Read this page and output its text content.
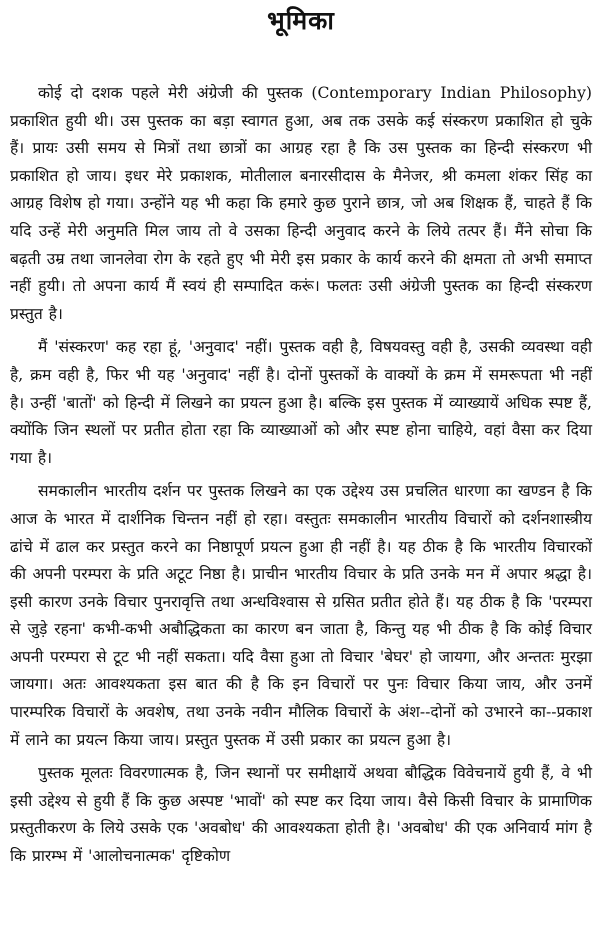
भूमिका

कोई दो दशक पहले मेरी अंग्रेजी की पुस्तक (Contemporary Indian Philosophy) प्रकाशित हुयी थी। उस पुस्तक का बड़ा स्वागत हुआ, अब तक उसके कई संस्करण प्रकाशित हो चुके हैं। प्रायः उसी समय से मित्रों तथा छात्रों का आग्रह रहा है कि उस पुस्तक का हिन्दी संस्करण भी प्रकाशित हो जाय। इधर मेरे प्रकाशक, मोतीलाल बनारसीदास के मैनेजर, श्री कमला शंकर सिंह का आग्रह विशेष हो गया। उन्होंने यह भी कहा कि हमारे कुछ पुराने छात्र, जो अब शिक्षक हैं, चाहते हैं कि यदि उन्हें मेरी अनुमति मिल जाय तो वे उसका हिन्दी अनुवाद करने के लिये तत्पर हैं। मैंने सोचा कि बढ़ती उम्र तथा जानलेवा रोग के रहते हुए भी मेरी इस प्रकार के कार्य करने की क्षमता तो अभी समाप्त नहीं हुयी। तो अपना कार्य मैं स्वयं ही सम्पादित करूं। फलतः उसी अंग्रेजी पुस्तक का हिन्दी संस्करण प्रस्तुत है।

मैं 'संस्करण' कह रहा हूं, 'अनुवाद' नहीं। पुस्तक वही है, विषयवस्तु वही है, उसकी व्यवस्था वही है, क्रम वही है, फिर भी यह 'अनुवाद' नहीं है। दोनों पुस्तकों के वाक्यों के क्रम में समरूपता भी नहीं है। उन्हीं 'बातों' को हिन्दी में लिखने का प्रयत्न हुआ है। बल्कि इस पुस्तक में व्याख्यायें अधिक स्पष्ट हैं, क्योंकि जिन स्थलों पर प्रतीत होता रहा कि व्याख्याओं को और स्पष्ट होना चाहिये, वहां वैसा कर दिया गया है।

समकालीन भारतीय दर्शन पर पुस्तक लिखने का एक उद्देश्य उस प्रचलित धारणा का खण्डन है कि आज के भारत में दार्शनिक चिन्तन नहीं हो रहा। वस्तुतः समकालीन भारतीय विचारों को दर्शनशास्त्रीय ढांचे में ढाल कर प्रस्तुत करने का निष्ठापूर्ण प्रयत्न हुआ ही नहीं है। यह ठीक है कि भारतीय विचारकों की अपनी परम्परा के प्रति अटूट निष्ठा है। प्राचीन भारतीय विचार के प्रति उनके मन में अपार श्रद्धा है। इसी कारण उनके विचार पुनरावृत्ति तथा अन्धविश्वास से ग्रसित प्रतीत होते हैं। यह ठीक है कि 'परम्परा से जुड़े रहना' कभी-कभी अबौद्धिकता का कारण बन जाता है, किन्तु यह भी ठीक है कि कोई विचार अपनी परम्परा से टूट भी नहीं सकता। यदि वैसा हुआ तो विचार 'बेघर' हो जायगा, और अन्ततः मुरझा जायगा। अतः आवश्यकता इस बात की है कि इन विचारों पर पुनः विचार किया जाय, और उनमें पारम्परिक विचारों के अवशेष, तथा उनके नवीन मौलिक विचारों के अंश--दोनों को उभारने का--प्रकाश में लाने का प्रयत्न किया जाय। प्रस्तुत पुस्तक में उसी प्रकार का प्रयत्न हुआ है।

पुस्तक मूलतः विवरणात्मक है, जिन स्थानों पर समीक्षायें अथवा बौद्धिक विवेचनायें हुयी हैं, वे भी इसी उद्देश्य से हुयी हैं कि कुछ अस्पष्ट 'भावों' को स्पष्ट कर दिया जाय। वैसे किसी विचार के प्रामाणिक प्रस्तुतीकरण के लिये उसके एक 'अवबोध' की आवश्यकता होती है। 'अवबोध' की एक अनिवार्य मांग है कि प्रारम्भ में 'आलोचनात्मक' दृष्टिकोण
